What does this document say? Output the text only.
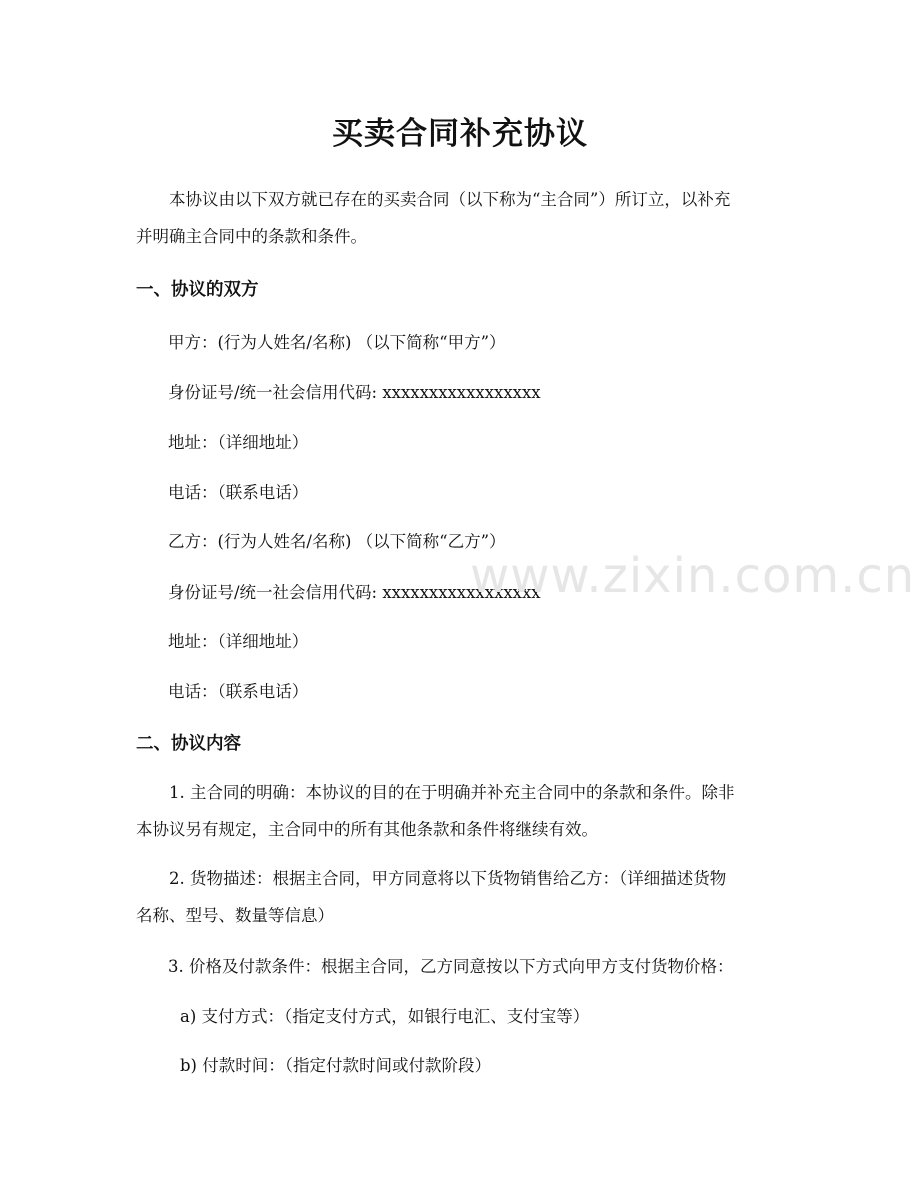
买卖合同补充协议

本协议由以下双方就已存在的买卖合同（以下称为“主合同”）所订立，以补充
并明确主合同中的条款和条件。

一、协议的双方

甲方：(行为人姓名/名称) （以下简称“甲方”）

身份证号/统一社会信用代码: xxxxxxxxxxxxxxxxx

地址：（详细地址）

电话：（联系电话）

乙方：(行为人姓名/名称) （以下简称“乙方”）

身份证号/统一社会信用代码: xxxxxxxxxxxxxxxxx

地址：（详细地址）

电话：（联系电话）

二、协议内容

1. 主合同的明确：本协议的目的在于明确并补充主合同中的条款和条件。除非
本协议另有规定，主合同中的所有其他条款和条件将继续有效。

2. 货物描述：根据主合同，甲方同意将以下货物销售给乙方：（详细描述货物
名称、型号、数量等信息）

3. 价格及付款条件：根据主合同，乙方同意按以下方式向甲方支付货物价格：

a) 支付方式：（指定支付方式，如银行电汇、支付宝等）

b) 付款时间：（指定付款时间或付款阶段）

www.zixin.com.cn
